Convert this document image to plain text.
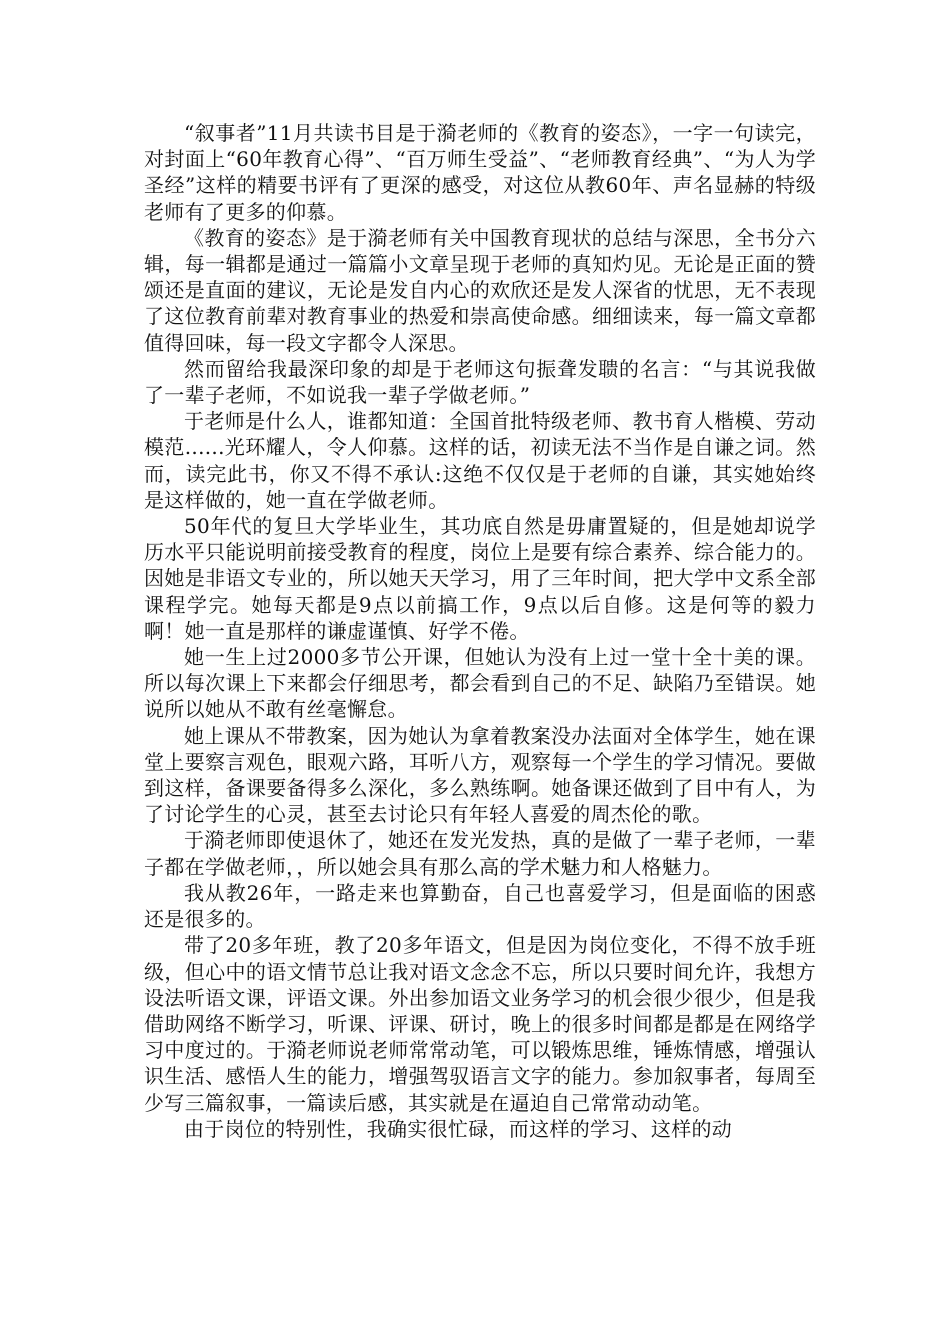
“叙事者”11月共读书目是于漪老师的《教育的姿态》，一字一句读完，对封面上“60年教育心得”、“百万师生受益”、“老师教育经典”、“为人为学圣经”这样的精要书评有了更深的感受，对这位从教60年、声名显赫的特级老师有了更多的仰慕。

《教育的姿态》是于漪老师有关中国教育现状的总结与深思，全书分六辑，每一辑都是通过一篇篇小文章呈现于老师的真知灼见。无论是正面的赞颂还是直面的建议，无论是发自内心的欢欣还是发人深省的忧思，无不表现了这位教育前辈对教育事业的热爱和崇高使命感。细细读来，每一篇文章都值得回味，每一段文字都令人深思。

然而留给我最深印象的却是于老师这句振聋发聩的名言：“与其说我做了一辈子老师，不如说我一辈子学做老师。”

于老师是什么人，谁都知道：全国首批特级老师、教书育人楷模、劳动模范......光环耀人，令人仰慕。这样的话，初读无法不当作是自谦之词。然而，读完此书，你又不得不承认:这绝不仅仅是于老师的自谦，其实她始终是这样做的，她一直在学做老师。

50年代的复旦大学毕业生，其功底自然是毋庸置疑的，但是她却说学历水平只能说明前接受教育的程度，岗位上是要有综合素养、综合能力的。因她是非语文专业的，所以她天天学习，用了三年时间，把大学中文系全部课程学完。她每天都是9点以前搞工作，9点以后自修。这是何等的毅力啊！她一直是那样的谦虚谨慎、好学不倦。

她一生上过2000多节公开课，但她认为没有上过一堂十全十美的课。所以每次课上下来都会仔细思考，都会看到自己的不足、缺陷乃至错误。她说所以她从不敢有丝毫懈怠。

她上课从不带教案，因为她认为拿着教案没办法面对全体学生，她在课堂上要察言观色，眼观六路，耳听八方，观察每一个学生的学习情况。要做到这样，备课要备得多么深化，多么熟练啊。她备课还做到了目中有人，为了讨论学生的心灵，甚至去讨论只有年轻人喜爱的周杰伦的歌。

于漪老师即使退休了，她还在发光发热，真的是做了一辈子老师，一辈子都在学做老师，，所以她会具有那么高的学术魅力和人格魅力。

我从教26年，一路走来也算勤奋，自己也喜爱学习，但是面临的困惑还是很多的。

带了20多年班，教了20多年语文，但是因为岗位变化，不得不放手班级，但心中的语文情节总让我对语文念念不忘，所以只要时间允许，我想方设法听语文课，评语文课。外出参加语文业务学习的机会很少很少，但是我借助网络不断学习，听课、评课、研讨，晚上的很多时间都是都是在网络学习中度过的。于漪老师说老师常常动笔，可以锻炼思维，锤炼情感，增强认识生活、感悟人生的能力，增强驾驭语言文字的能力。参加叙事者，每周至少写三篇叙事，一篇读后感，其实就是在逼迫自己常常动动笔。

由于岗位的特别性，我确实很忙碌，而这样的学习、这样的动
